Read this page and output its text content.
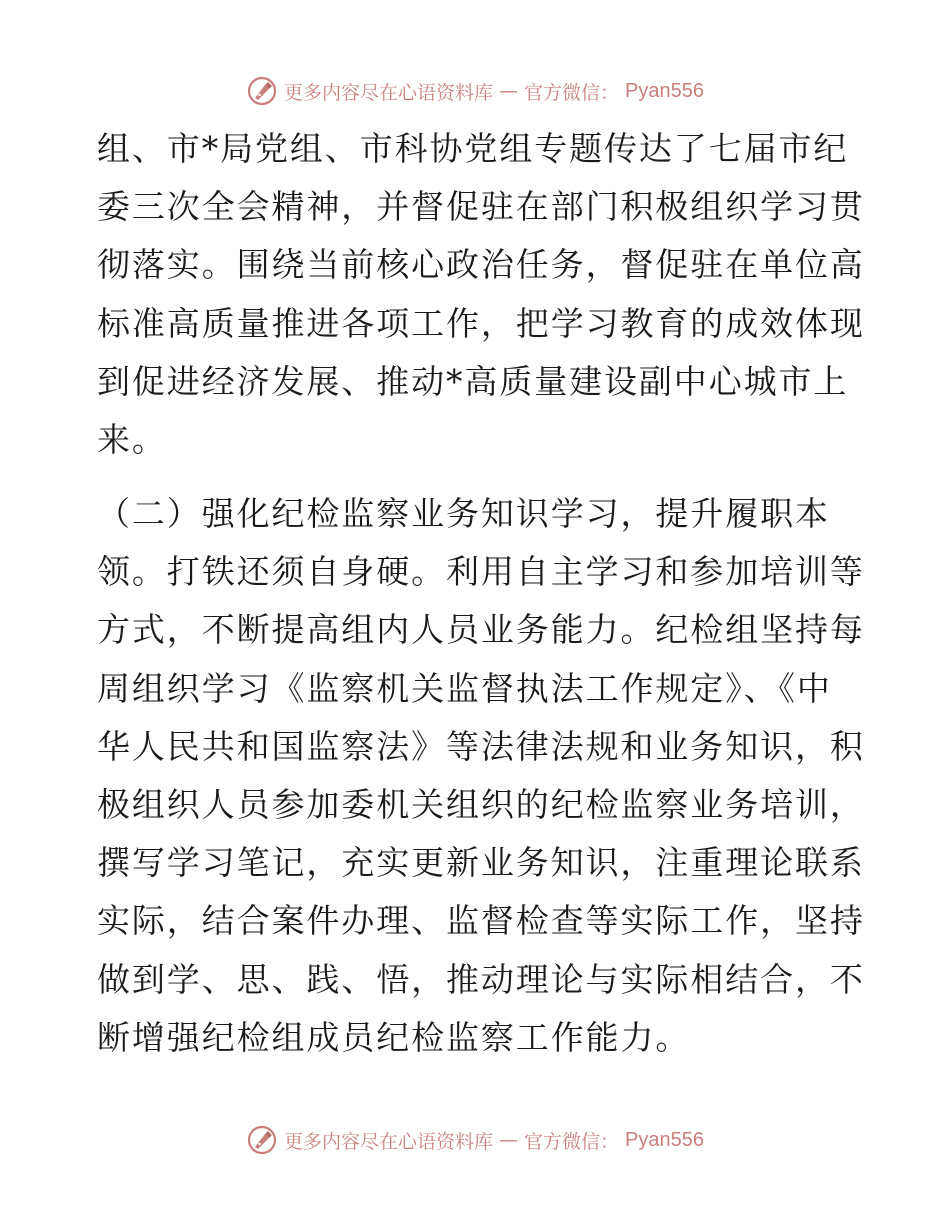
更多内容尽在心语资料库 — 官方微信： Pyan556
组、市*局党组、市科协党组专题传达了七届市纪
委三次全会精神，并督促驻在部门积极组织学习贯
彻落实。围绕当前核心政治任务，督促驻在单位高
标准高质量推进各项工作，把学习教育的成效体现
到促进经济发展、推动*高质量建设副中心城市上
来。
（二）强化纪检监察业务知识学习，提升履职本
领。打铁还须自身硬。利用自主学习和参加培训等
方式，不断提高组内人员业务能力。纪检组坚持每
周组织学习《监察机关监督执法工作规定》、《中
华人民共和国监察法》等法律法规和业务知识，积
极组织人员参加委机关组织的纪检监察业务培训，
撰写学习笔记，充实更新业务知识，注重理论联系
实际，结合案件办理、监督检查等实际工作，坚持
做到学、思、践、悟，推动理论与实际相结合，不
断增强纪检组成员纪检监察工作能力。
更多内容尽在心语资料库 — 官方微信： Pyan556
